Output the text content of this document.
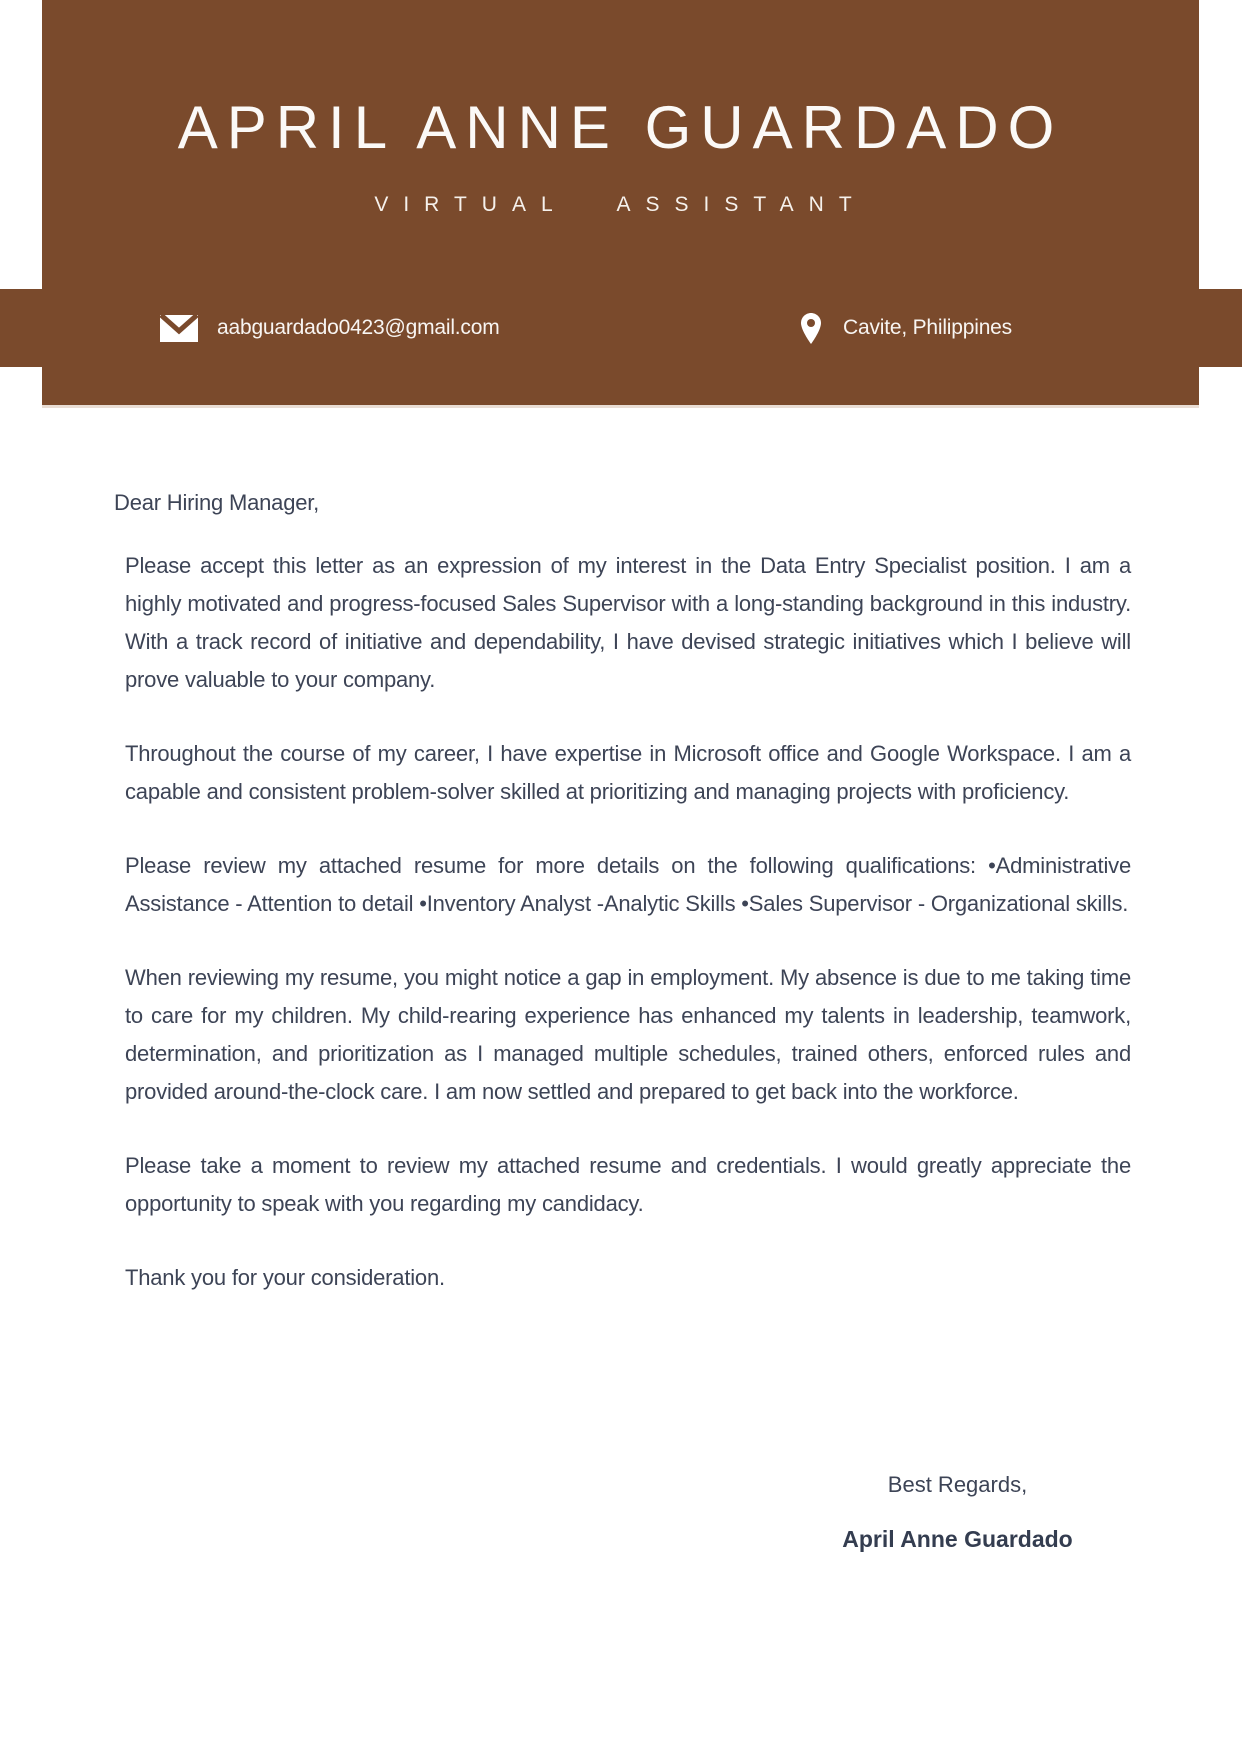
APRIL ANNE GUARDADO
VIRTUAL ASSISTANT
aabguardado0423@gmail.com	Cavite, Philippines
Dear Hiring Manager,

Please accept this letter as an expression of my interest in the Data Entry Specialist position. I am a highly motivated and progress-focused Sales Supervisor with a long-standing background in this industry. With a track record of initiative and dependability, I have devised strategic initiatives which I believe will prove valuable to your company.

Throughout the course of my career, I have expertise in Microsoft office and Google Workspace. I am a capable and consistent problem-solver skilled at prioritizing and managing projects with proficiency.

Please review my attached resume for more details on the following qualifications: •Administrative Assistance - Attention to detail •Inventory Analyst -Analytic Skills •Sales Supervisor - Organizational skills.

When reviewing my resume, you might notice a gap in employment. My absence is due to me taking time to care for my children. My child-rearing experience has enhanced my talents in leadership, teamwork, determination, and prioritization as I managed multiple schedules, trained others, enforced rules and provided around-the-clock care. I am now settled and prepared to get back into the workforce.

Please take a moment to review my attached resume and credentials. I would greatly appreciate the opportunity to speak with you regarding my candidacy.

Thank you for your consideration.

Best Regards,
April Anne Guardado
